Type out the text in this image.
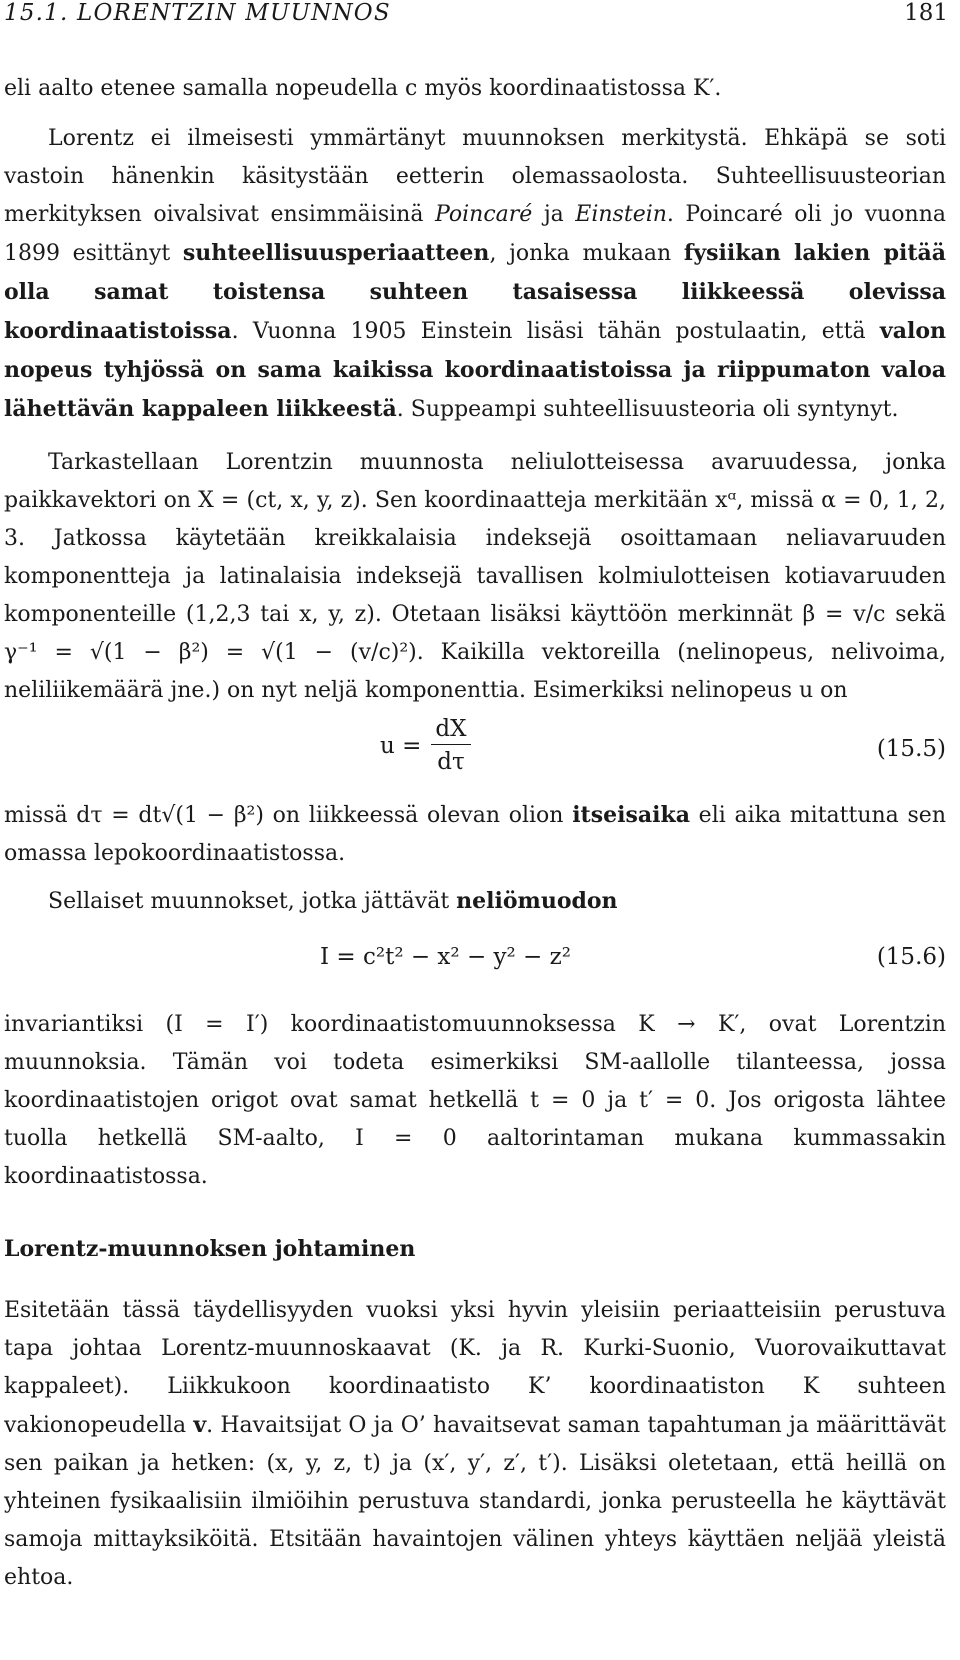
15.1. LORENTZIN MUUNNOS	181
eli aalto etenee samalla nopeudella c myös koordinaatistossa K′.
Lorentz ei ilmeisesti ymmärtänyt muunnoksen merkitystä. Ehkäpä se soti vastoin hänenkin käsitystään eetterin olemassaolosta. Suhteellisuusteorian merkityksen oivalsivat ensimmäisinä Poincaré ja Einstein. Poincaré oli jo vuonna 1899 esittänyt suhteellisuusperiaatteen, jonka mukaan fysiikan lakien pitää olla samat toistensa suhteen tasaisessa liikkeessä olevissa koordinaatistoissa. Vuonna 1905 Einstein lisäsi tähän postulaatin, että valon nopeus tyhjössä on sama kaikissa koordinaatistoissa ja riippumaton valoa lähettävän kappaleen liikkeestä. Suppeampi suhteellisuusteoria oli syntynyt.
Tarkastellaan Lorentzin muunnosta neliulotteisessa avaruudessa, jonka paikkavektori on X = (ct, x, y, z). Sen koordinaatteja merkitään xᵅ, missä α = 0, 1, 2, 3. Jatkossa käytetään kreikkalaisia indeksejä osoittamaan neliavaruuden komponentteja ja latinalaisia indeksejä tavallisen kolmiulotteisen kotiavaruuden komponenteille (1,2,3 tai x, y, z). Otetaan lisäksi käyttöön merkinnät β = v/c sekä γ⁻¹ = √(1 − β²) = √(1 − (v/c)²). Kaikilla vektoreilla (nelinopeus, nelivoima, neliliikemäärä jne.) on nyt neljä komponenttia. Esimerkiksi nelinopeus u on
$u = \frac{dX}{d\tau}$	(15.5)
missä dτ = dt√(1 − β²) on liikkeessä olevan olion itseisaika eli aika mitattuna sen omassa lepokoordinaatistossa.
Sellaiset muunnokset, jotka jättävät neliömuodon
I = c²t² − x² − y² − z²	(15.6)
invariantiksi (I = I′) koordinaatistomuunnoksessa K → K′, ovat Lorentzin muunnoksia. Tämän voi todeta esimerkiksi SM-aallolle tilanteessa, jossa koordinaatistojen origot ovat samat hetkellä t = 0 ja t′ = 0. Jos origosta lähtee tuolla hetkellä SM-aalto, I = 0 aaltorintaman mukana kummassakin koordinaatistossa.
Lorentz-muunnoksen johtaminen
Esitetään tässä täydellisyyden vuoksi yksi hyvin yleisiin periaatteisiin perustuva tapa johtaa Lorentz-muunnoskaavat (K. ja R. Kurki-Suonio, Vuorovaikuttavat kappaleet). Liikkukoon koordinaatisto K’ koordinaatiston K suhteen vakionopeudella v. Havaitsijat O ja O’ havaitsevat saman tapahtuman ja määrittävät sen paikan ja hetken: (x, y, z, t) ja (x′, y′, z′, t′). Lisäksi oletetaan, että heillä on yhteinen fysikaalisiin ilmiöihin perustuva standardi, jonka perusteella he käyttävät samoja mittayksiköitä. Etsitään havaintojen välinen yhteys käyttäen neljää yleistä ehtoa.
